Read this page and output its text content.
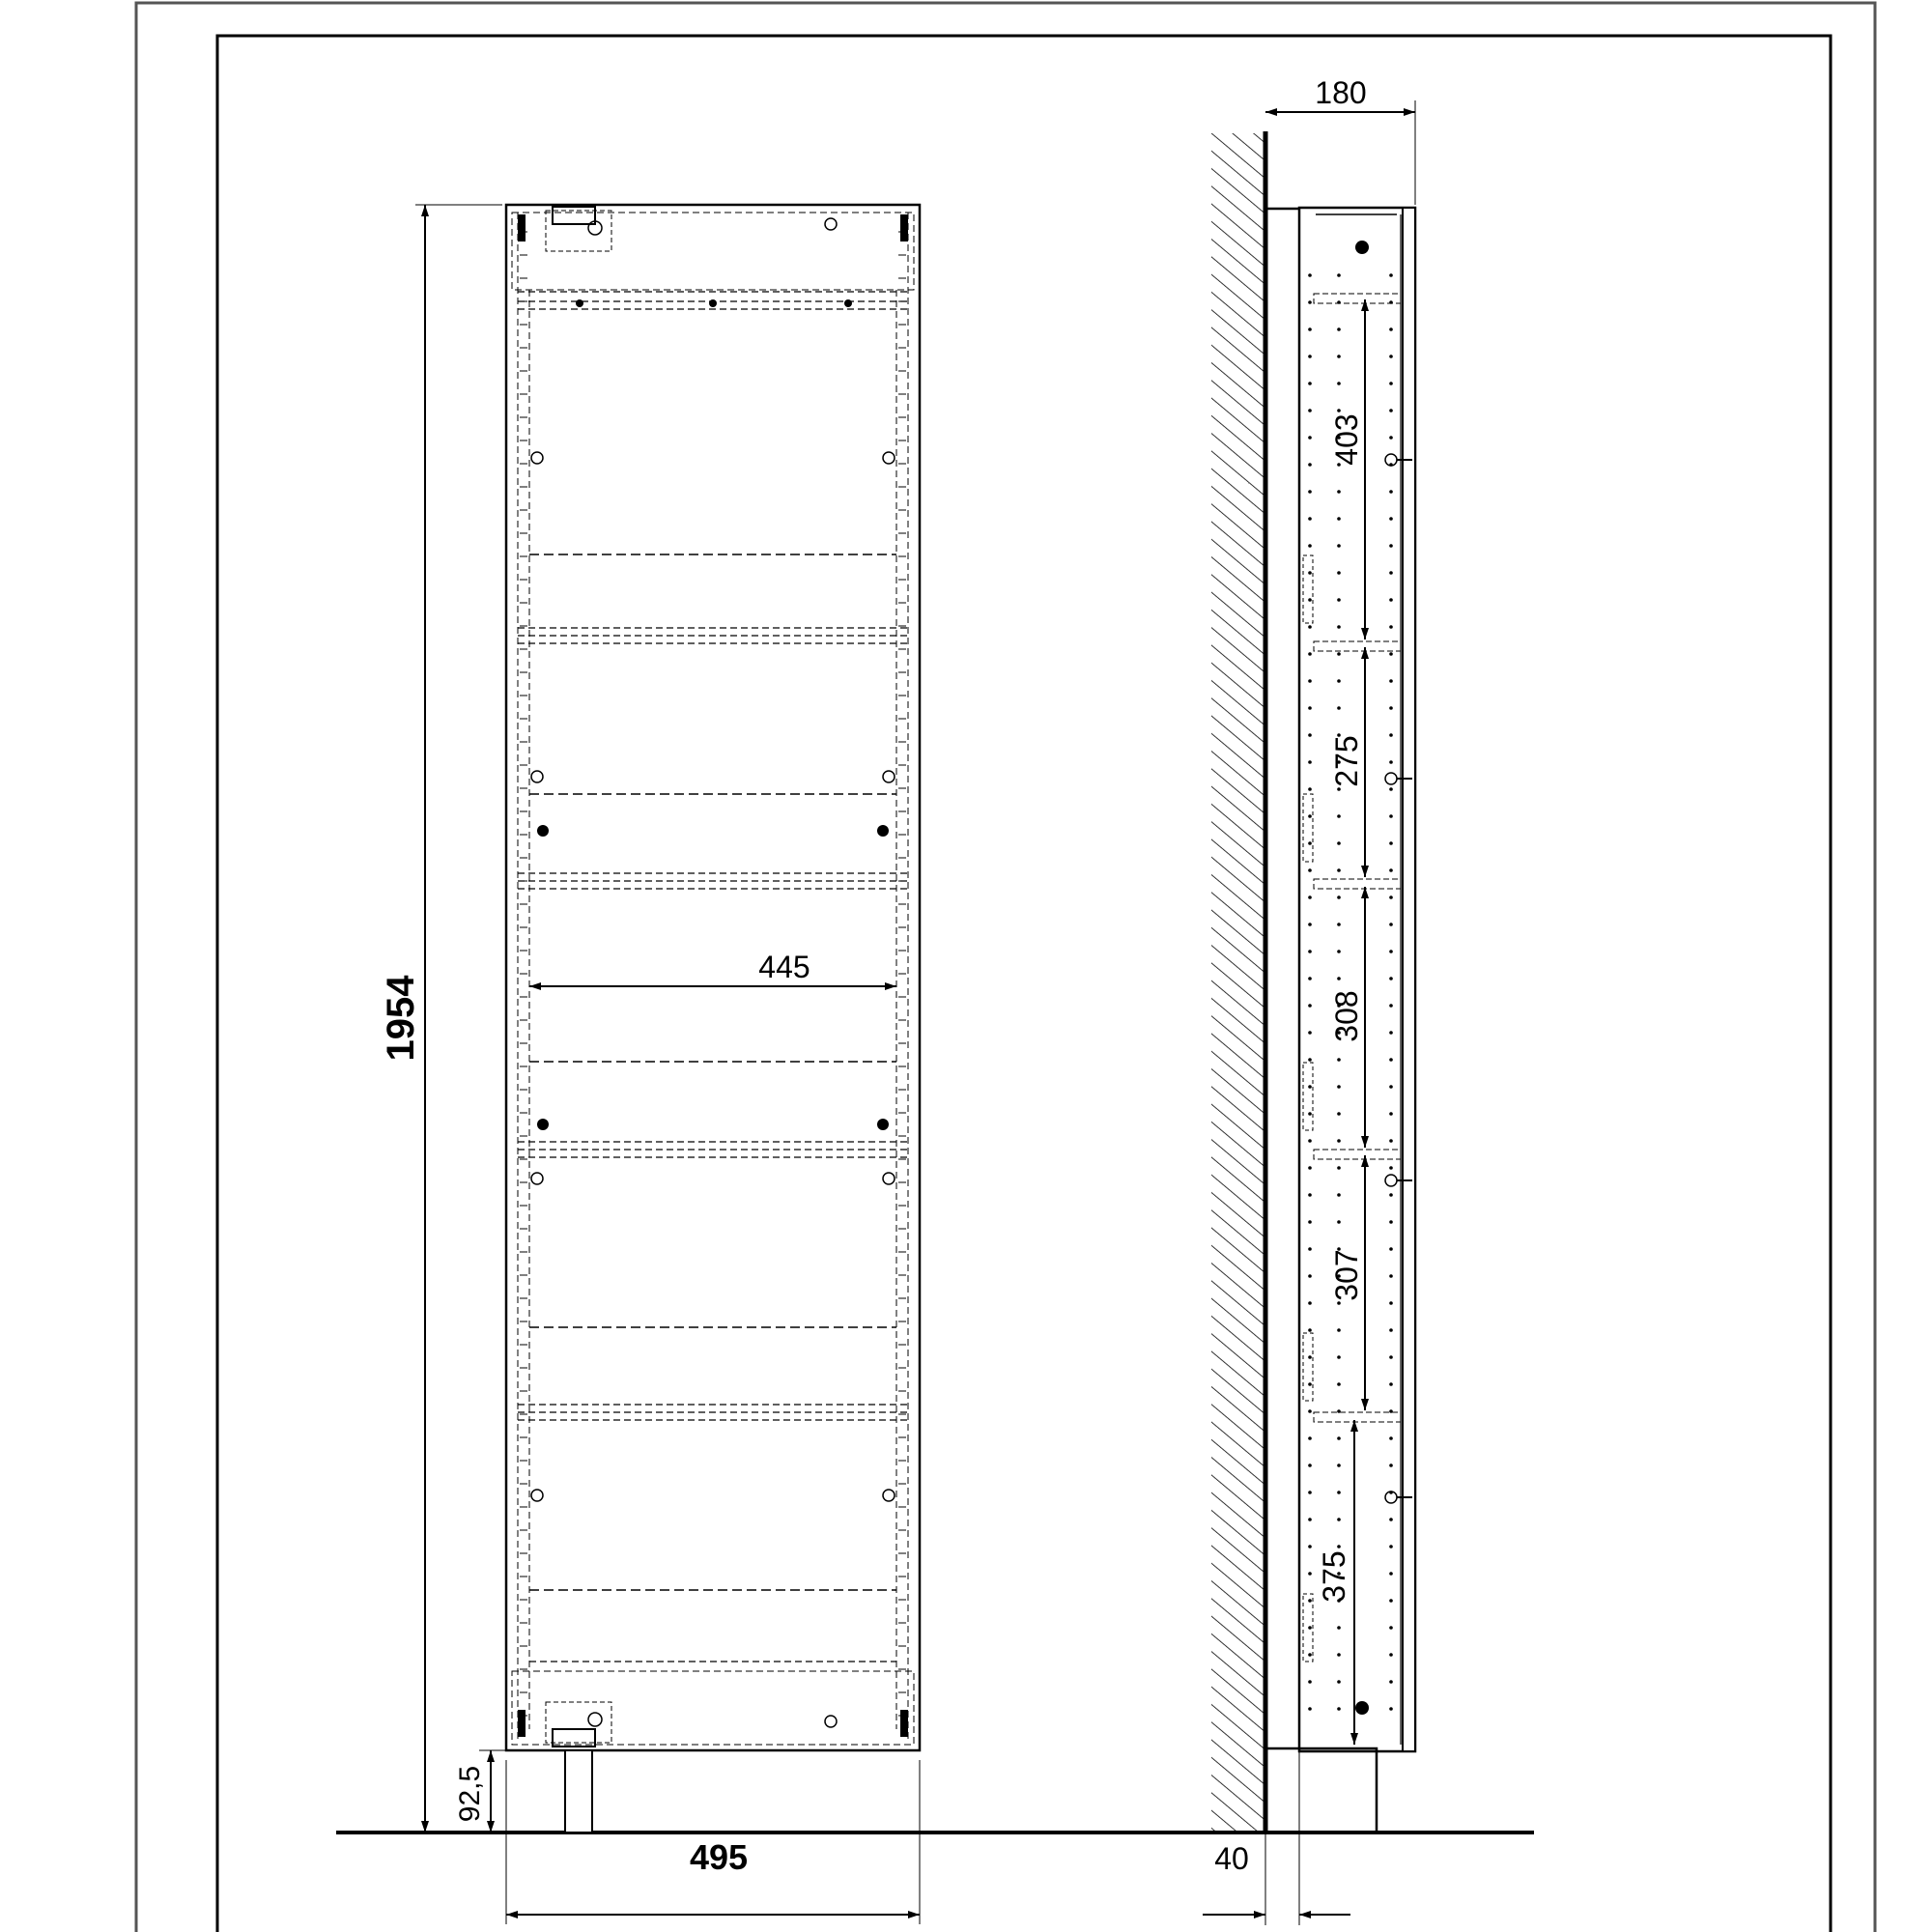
1954
92,5
495
445
180
40
403
275
308
307
375
